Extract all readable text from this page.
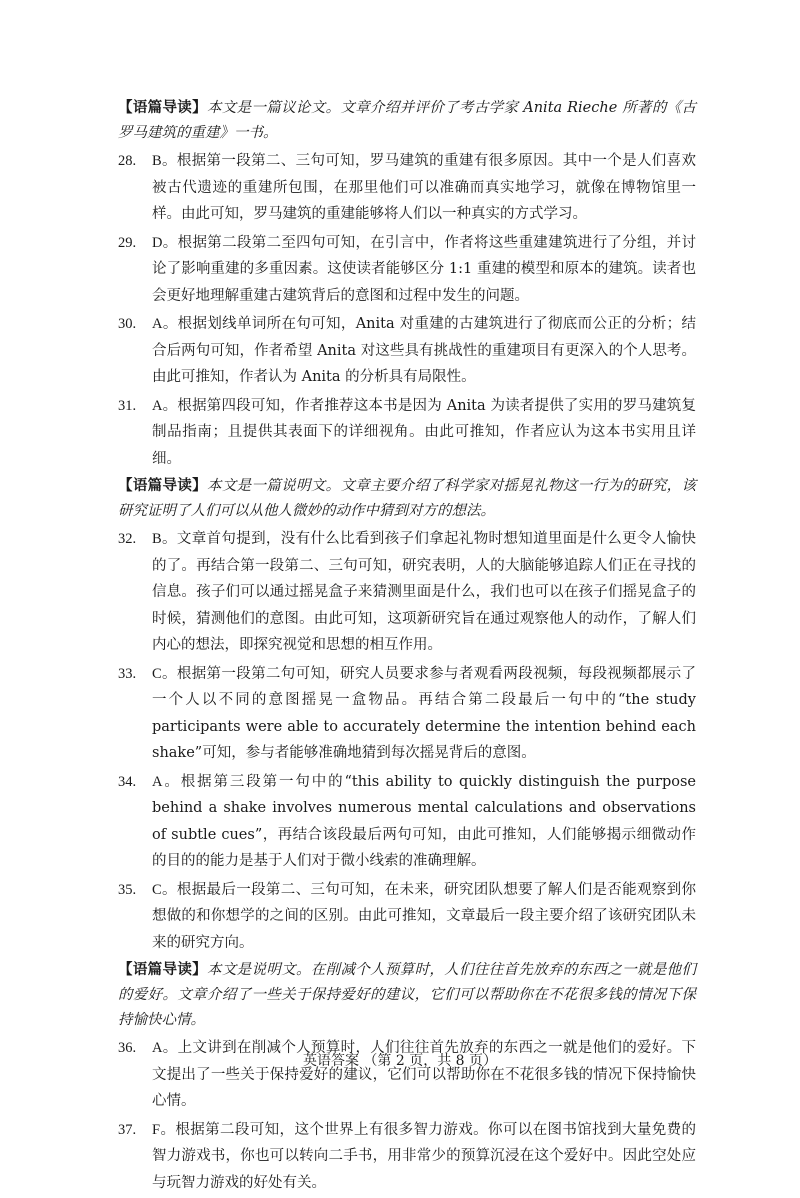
【语篇导读】本文是一篇议论文。文章介绍并评价了考古学家 Anita Rieche 所著的《古罗马建筑的重建》一书。

28. B。根据第一段第二、三句可知，罗马建筑的重建有很多原因。其中一个是人们喜欢被古代遗迹的重建所包围，在那里他们可以准确而真实地学习，就像在博物馆里一样。由此可知，罗马建筑的重建能够将人们以一种真实的方式学习。

29. D。根据第二段第二至四句可知，在引言中，作者将这些重建建筑进行了分组，并讨论了影响重建的多重因素。这使读者能够区分 1:1 重建的模型和原本的建筑。读者也会更好地理解重建古建筑背后的意图和过程中发生的问题。

30. A。根据划线单词所在句可知，Anita 对重建的古建筑进行了彻底而公正的分析；结合后两句可知，作者希望 Anita 对这些具有挑战性的重建项目有更深入的个人思考。由此可推知，作者认为 Anita 的分析具有局限性。

31. A。根据第四段可知，作者推荐这本书是因为 Anita 为读者提供了实用的罗马建筑复制品指南；且提供其表面下的详细视角。由此可推知，作者应认为这本书实用且详细。

【语篇导读】本文是一篇说明文。文章主要介绍了科学家对摇晃礼物这一行为的研究，该研究证明了人们可以从他人微妙的动作中猜到对方的想法。

32. B。文章首句提到，没有什么比看到孩子们拿起礼物时想知道里面是什么更令人愉快的了。再结合第一段第二、三句可知，研究表明，人的大脑能够追踪人们正在寻找的信息。孩子们可以通过摇晃盒子来猜测里面是什么，我们也可以在孩子们摇晃盒子的时候，猜测他们的意图。由此可知，这项新研究旨在通过观察他人的动作，了解人们内心的想法，即探究视觉和思想的相互作用。

33. C。根据第一段第二句可知，研究人员要求参与者观看两段视频，每段视频都展示了一个人以不同的意图摇晃一盒物品。再结合第二段最后一句中的“the study participants were able to accurately determine the intention behind each shake”可知，参与者能够准确地猜到每次摇晃背后的意图。

34. A。根据第三段第一句中的“this ability to quickly distinguish the purpose behind a shake involves numerous mental calculations and observations of subtle cues”，再结合该段最后两句可知，由此可推知，人们能够揭示细微动作的目的的能力是基于人们对于微小线索的准确理解。

35. C。根据最后一段第二、三句可知，在未来，研究团队想要了解人们是否能观察到你想做的和你想学的之间的区别。由此可推知，文章最后一段主要介绍了该研究团队未来的研究方向。

【语篇导读】本文是说明文。在削减个人预算时，人们往往首先放弃的东西之一就是他们的爱好。文章介绍了一些关于保持爱好的建议，它们可以帮助你在不花很多钱的情况下保持愉快心情。

36. A。上文讲到在削减个人预算时，人们往往首先放弃的东西之一就是他们的爱好。下文提出了一些关于保持爱好的建议，它们可以帮助你在不花很多钱的情况下保持愉快心情。

37. F。根据第二段可知，这个世界上有很多智力游戏。你可以在图书馆找到大量免费的智力游戏书，你也可以转向二手书，用非常少的预算沉浸在这个爱好中。因此空处应与玩智力游戏的好处有关。

英语答案 （第 2 页，共 8 页）
